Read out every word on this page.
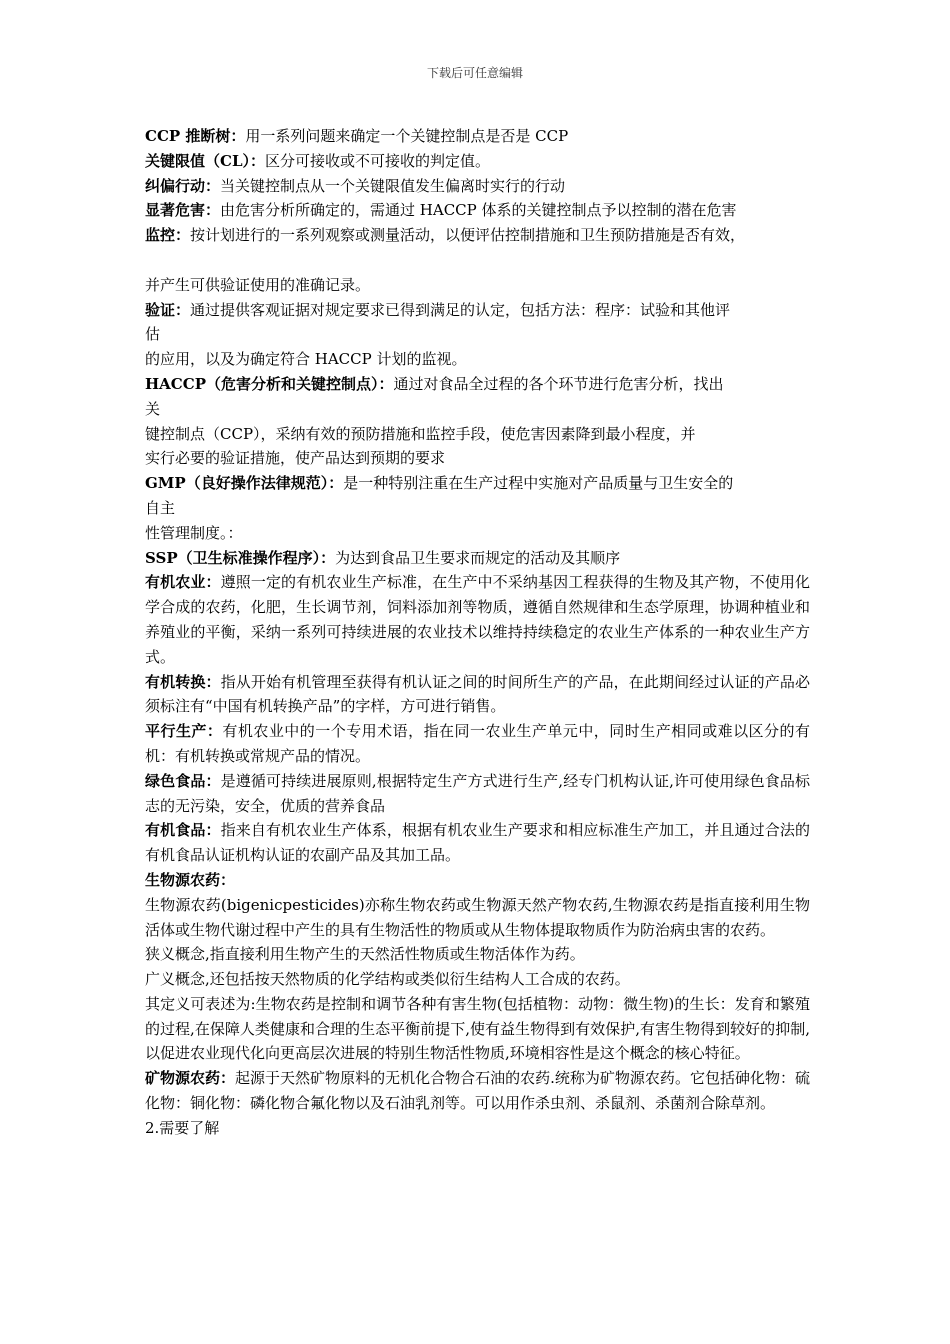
下载后可任意编辑
CCP 推断树：用一系列问题来确定一个关键控制点是否是 CCP
关键限值（CL）：区分可接收或不可接收的判定值。
纠偏行动：当关键控制点从一个关键限值发生偏离时实行的行动
显著危害：由危害分析所确定的，需通过 HACCP 体系的关键控制点予以控制的潜在危害
监控：按计划进行的一系列观察或测量活动，以便评估控制措施和卫生预防措施是否有效，
并产生可供验证使用的准确记录。
验证：通过提供客观证据对规定要求已得到满足的认定，包括方法：程序：试验和其他评
估
的应用，以及为确定符合 HACCP 计划的监视。
HACCP（危害分析和关键控制点）：通过对食品全过程的各个环节进行危害分析，找出
关
键控制点（CCP），采纳有效的预防措施和监控手段，使危害因素降到最小程度，并
实行必要的验证措施，使产品达到预期的要求
GMP（良好操作法律规范）：是一种特别注重在生产过程中实施对产品质量与卫生安全的
自主
性管理制度。：
SSP（卫生标准操作程序）：为达到食品卫生要求而规定的活动及其顺序
有机农业：遵照一定的有机农业生产标准，在生产中不采纳基因工程获得的生物及其产物，不使用化学合成的农药，化肥，生长调节剂，饲料添加剂等物质，遵循自然规律和生态学原理，协调种植业和养殖业的平衡，采纳一系列可持续进展的农业技术以维持持续稳定的农业生产体系的一种农业生产方式。
有机转换：指从开始有机管理至获得有机认证之间的时间所生产的产品，在此期间经过认证的产品必须标注有“中国有机转换产品”的字样，方可进行销售。
平行生产：有机农业中的一个专用术语，指在同一农业生产单元中，同时生产相同或难以区分的有机：有机转换或常规产品的情况。
绿色食品：是遵循可持续进展原则,根据特定生产方式进行生产,经专门机构认证,许可使用绿色食品标志的无污染，安全，优质的营养食品
有机食品：指来自有机农业生产体系，根据有机农业生产要求和相应标准生产加工，并且通过合法的有机食品认证机构认证的农副产品及其加工品。
生物源农药：
生物源农药(bigenicpesticides)亦称生物农药或生物源天然产物农药,生物源农药是指直接利用生物活体或生物代谢过程中产生的具有生物活性的物质或从生物体提取物质作为防治病虫害的农药。
狭义概念,指直接利用生物产生的天然活性物质或生物活体作为药。
广义概念,还包括按天然物质的化学结构或类似衍生结构人工合成的农药。
其定义可表述为:生物农药是控制和调节各种有害生物(包括植物：动物：微生物)的生长：发育和繁殖的过程,在保障人类健康和合理的生态平衡前提下,使有益生物得到有效保护,有害生物得到较好的抑制,以促进农业现代化向更高层次进展的特别生物活性物质,环境相容性是这个概念的核心特征。
矿物源农药：起源于天然矿物原料的无机化合物合石油的农药.统称为矿物源农药。它包括砷化物：硫化物：铜化物：磷化物合氟化物以及石油乳剂等。可以用作杀虫剂、杀鼠剂、杀菌剂合除草剂。
2.需要了解
